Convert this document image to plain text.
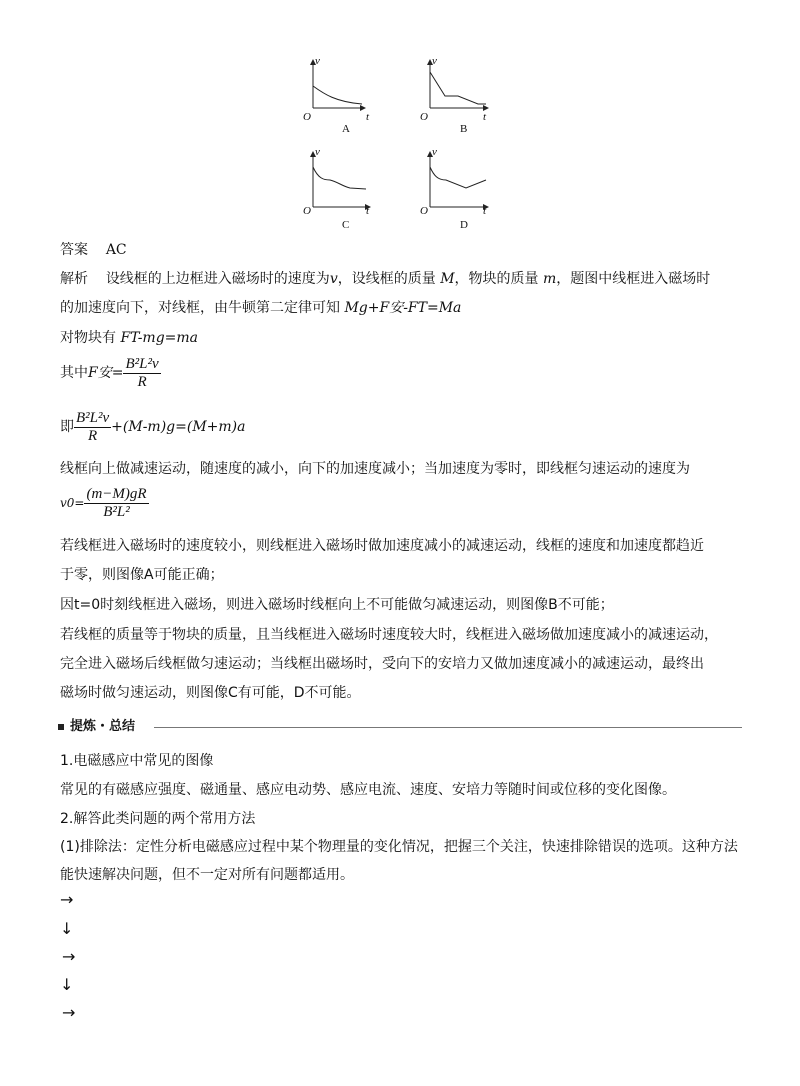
v	v
v	v
t	t
t	t
O	O
O	O
A	B
C	D
答案 AC
解析 设线框的上边框进入磁场时的速度为v，设线框的质量 M，物块的质量 m，题图中线框进入磁场时
的加速度向下，对线框，由牛顿第二定律可知 Mg+F安-FT=Ma
对物块有 FT-mg=ma
其中F安= $\frac{\text{B²L²v}}{R}$
即 $\frac{\text{B²L²v}}{R} +(M-m)g=(M+m)a$
线框向上做减速运动，随速度的减小，向下的加速度减小；当加速度为零时，即线框匀速运动的速度为
$v0= \frac{(m-M)gR}{\text{B²L²}}$
若线框进入磁场时的速度较小，则线框进入磁场时做加速度减小的减速运动，线框的速度和加速度都趋近
于零，则图像A可能正确；
因t=0时刻线框进入磁场，则进入磁场时线框向上不可能做匀减速运动，则图像B不可能；
若线框的质量等于物块的质量，且当线框进入磁场时速度较大时，线框进入磁场做加速度减小的减速运动，
完全进入磁场后线框做匀速运动；当线框出磁场时，受向下的安培力又做加速度减小的减速运动，最终出
磁场时做匀速运动，则图像C有可能，D不可能。
提炼・总结
1.电磁感应中常见的图像
常见的有磁感应强度、磁通量、感应电动势、感应电流、速度、安培力等随时间或位移的变化图像。
2.解答此类问题的两个常用方法
(1)排除法：定性分析电磁感应过程中某个物理量的变化情况，把握三个关注，快速排除错误的选项。这种方法
能快速解决问题，但不一定对所有问题都适用。
→
↓
→
↓
→
